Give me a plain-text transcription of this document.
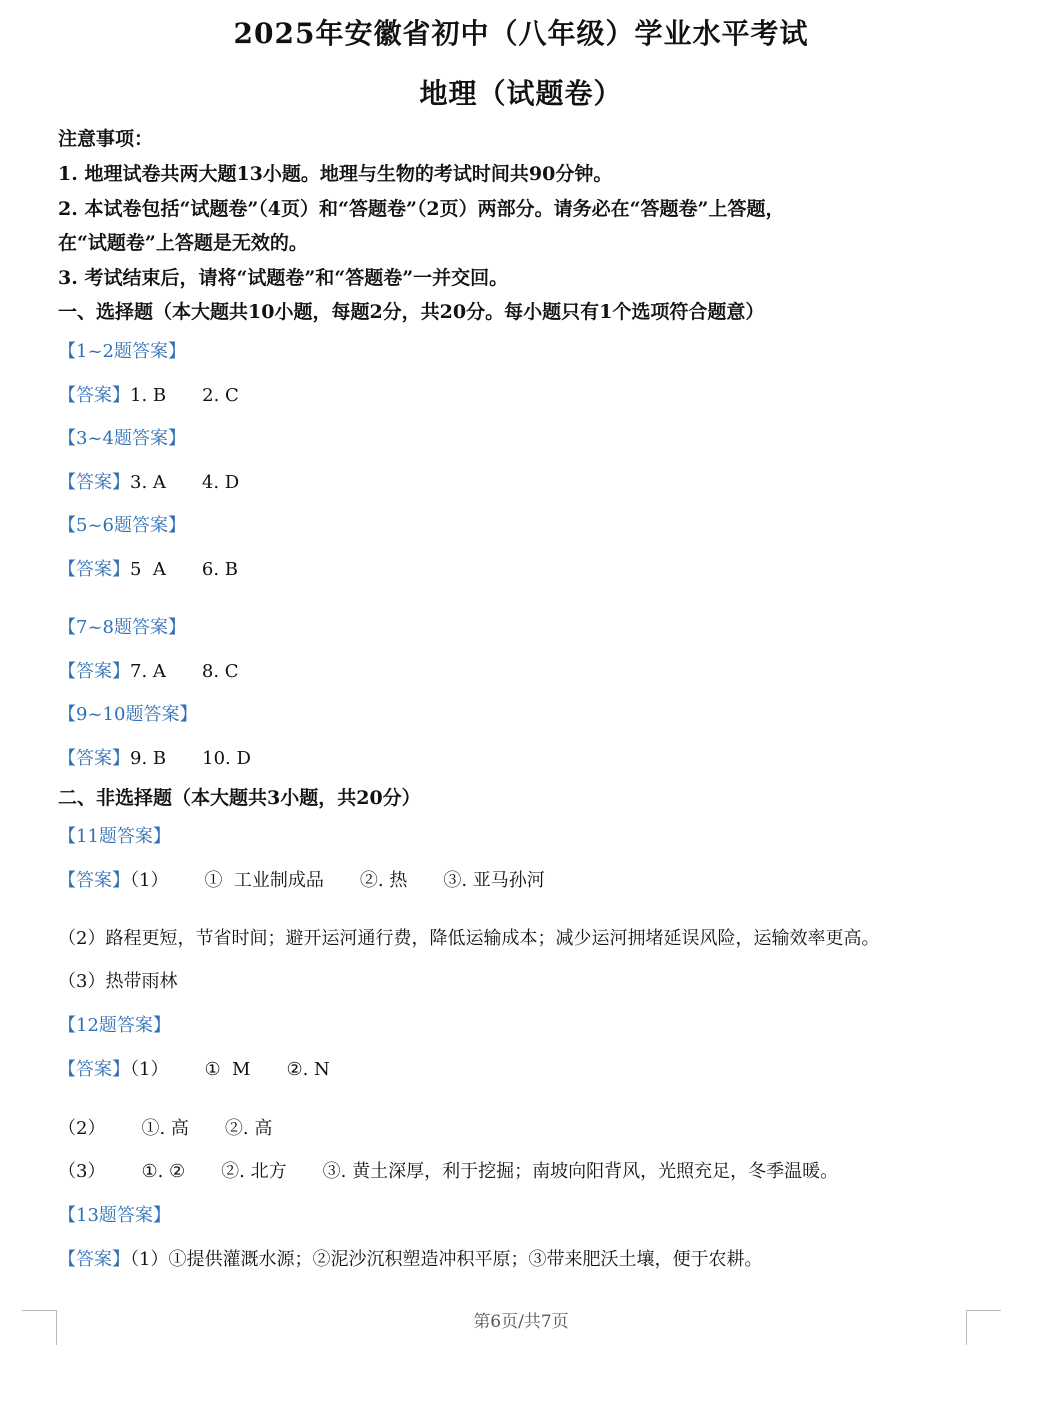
2025年安徽省初中（八年级）学业水平考试
地理（试题卷）
注意事项：
1. 地理试卷共两大题13小题。地理与生物的考试时间共90分钟。
2. 本试卷包括“试题卷”（4页）和“答题卷”（2页）两部分。请务必在“答题卷”上答题，
在“试题卷”上答题是无效的。
3. 考试结束后，请将“试题卷”和“答题卷”一并交回。
一、选择题（本大题共10小题，每题2分，共20分。每小题只有1个选项符合题意）
【1~2题答案】
【答案】1. B 2. C
【3~4题答案】
【答案】3. A 4. D
【5~6题答案】
【答案】5  A 6. B
【7~8题答案】
【答案】7. A 8. C
【9~10题答案】
【答案】9. B 10. D
二、非选择题（本大题共3小题，共20分）
【11题答案】
【答案】（1） ①  工业制成品 ②. 热 ③. 亚马孙河
（2）路程更短，节省时间；避开运河通行费，降低运输成本；减少运河拥堵延误风险，运输效率更高。
（3）热带雨林
【12题答案】
【答案】（1） ①  M ②. N
（2） ①. 高 ②. 高
（3） ①. ② ②. 北方 ③. 黄土深厚，利于挖掘；南坡向阳背风，光照充足，冬季温暖。
【13题答案】
【答案】（1）①提供灌溉水源；②泥沙沉积塑造冲积平原；③带来肥沃土壤，便于农耕。
第6页/共7页
